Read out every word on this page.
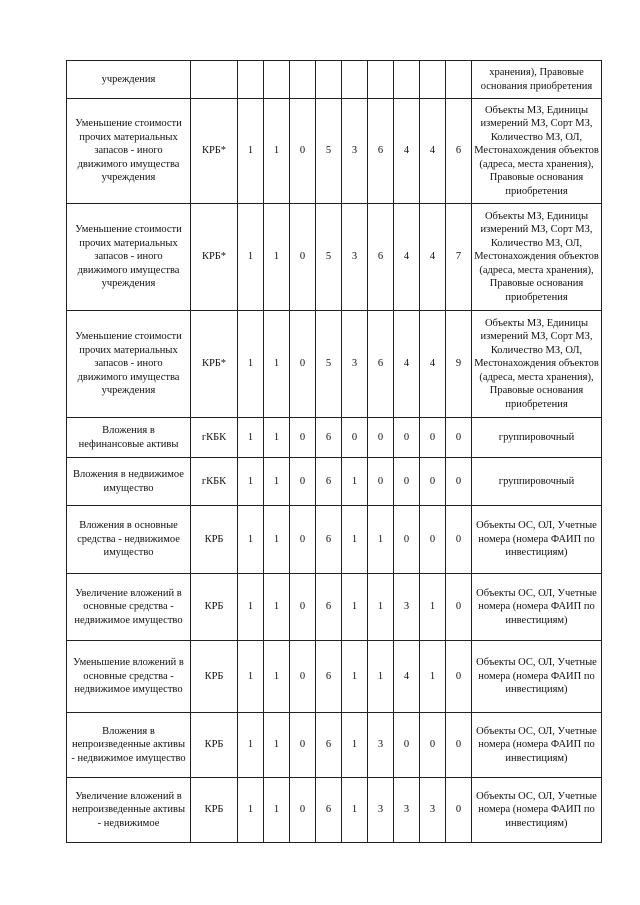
учреждения											хранения), Правовые основания приобретения
Уменьшение стоимости прочих материальных запасов - иного движимого имущества учреждения	КРБ*	1	1	0	5	3	6	4	4	6	Объекты МЗ, Единицы измерений МЗ, Сорт МЗ, Количество МЗ, ОЛ, Местонахождения объектов (адреса, места хранения), Правовые основания приобретения
Уменьшение стоимости прочих материальных запасов - иного движимого имущества учреждения	КРБ*	1	1	0	5	3	6	4	4	7	Объекты МЗ, Единицы измерений МЗ, Сорт МЗ, Количество МЗ, ОЛ, Местонахождения объектов (адреса, места хранения), Правовые основания приобретения
Уменьшение стоимости прочих материальных запасов - иного движимого имущества учреждения	КРБ*	1	1	0	5	3	6	4	4	9	Объекты МЗ, Единицы измерений МЗ, Сорт МЗ, Количество МЗ, ОЛ, Местонахождения объектов (адреса, места хранения), Правовые основания приобретения
Вложения в нефинансовые активы	гКБК	1	1	0	6	0	0	0	0	0	группировочный
Вложения в недвижимое имущество	гКБК	1	1	0	6	1	0	0	0	0	группировочный
Вложения в основные средства - недвижимое имущество	КРБ	1	1	0	6	1	1	0	0	0	Объекты ОС, ОЛ, Учетные номера (номера ФАИП по инвестициям)
Увеличение вложений в основные средства - недвижимое имущество	КРБ	1	1	0	6	1	1	3	1	0	Объекты ОС, ОЛ, Учетные номера (номера ФАИП по инвестициям)
Уменьшение вложений в основные средства - недвижимое имущество	КРБ	1	1	0	6	1	1	4	1	0	Объекты ОС, ОЛ, Учетные номера (номера ФАИП по инвестициям)
Вложения в непроизведенные активы - недвижимое имущество	КРБ	1	1	0	6	1	3	0	0	0	Объекты ОС, ОЛ, Учетные номера (номера ФАИП по инвестициям)
Увеличение вложений в непроизведенные активы - недвижимое	КРБ	1	1	0	6	1	3	3	3	0	Объекты ОС, ОЛ, Учетные номера (номера ФАИП по инвестициям)
